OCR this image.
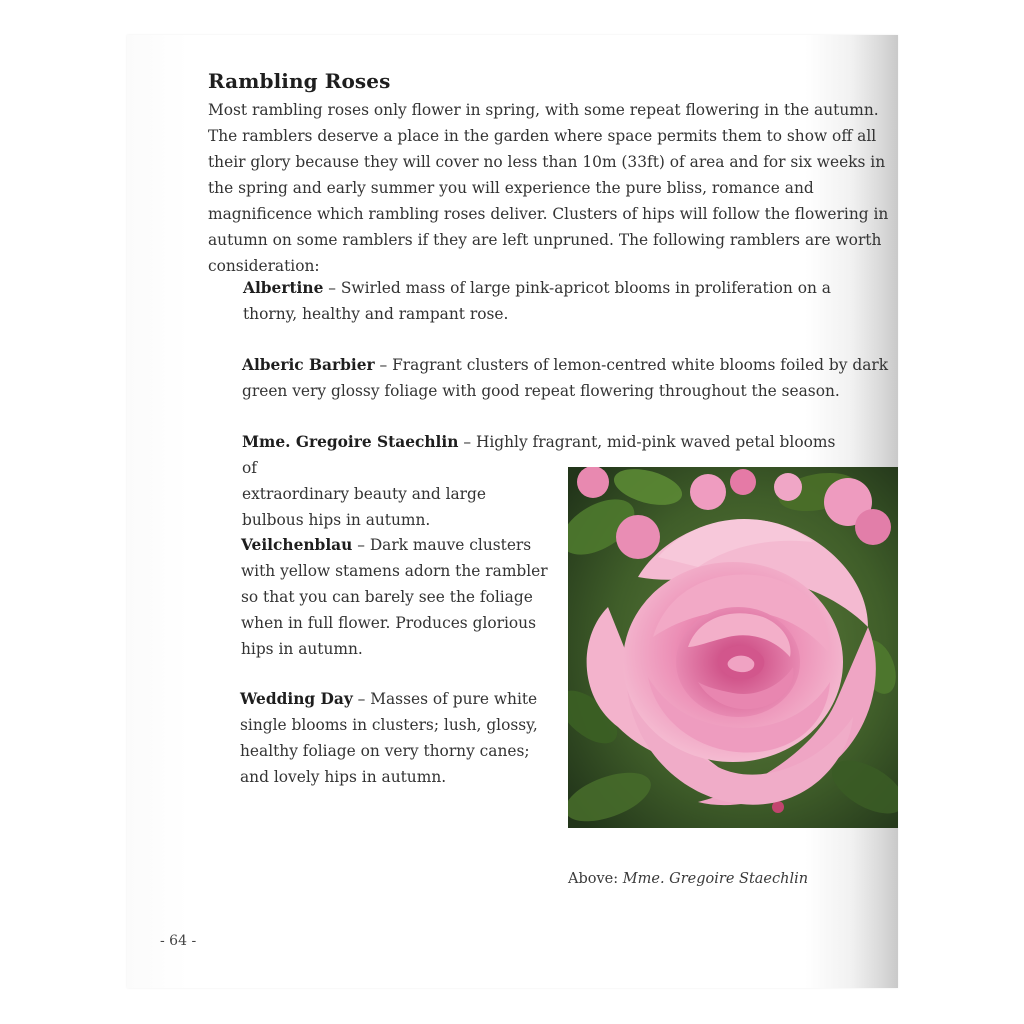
Rambling Roses

Most rambling roses only flower in spring, with some repeat flowering in the autumn. The ramblers deserve a place in the garden where space permits them to show off all their glory because they will cover no less than 10m (33ft) of area and for six weeks in the spring and early summer you will experience the pure bliss, romance and magnificence which rambling roses deliver. Clusters of hips will follow the flowering in autumn on some ramblers if they are left unpruned. The following ramblers are worth consideration:

Albertine – Swirled mass of large pink-apricot blooms in proliferation on a thorny, healthy and rampant rose.

Alberic Barbier – Fragrant clusters of lemon-centred white blooms foiled by dark green very glossy foliage with good repeat flowering throughout the season.

Mme. Gregoire Staechlin – Highly fragrant, mid-pink waved petal blooms of
extraordinary beauty and large bulbous hips in autumn.

Veilchenblau – Dark mauve clusters with yellow stamens adorn the rambler so that you can barely see the foliage when in full flower. Produces glorious hips in autumn.

Wedding Day – Masses of pure white single blooms in clusters; lush, glossy, healthy foliage on very thorny canes; and lovely hips in autumn.

Above: Mme. Gregoire Staechlin
- 64 -
